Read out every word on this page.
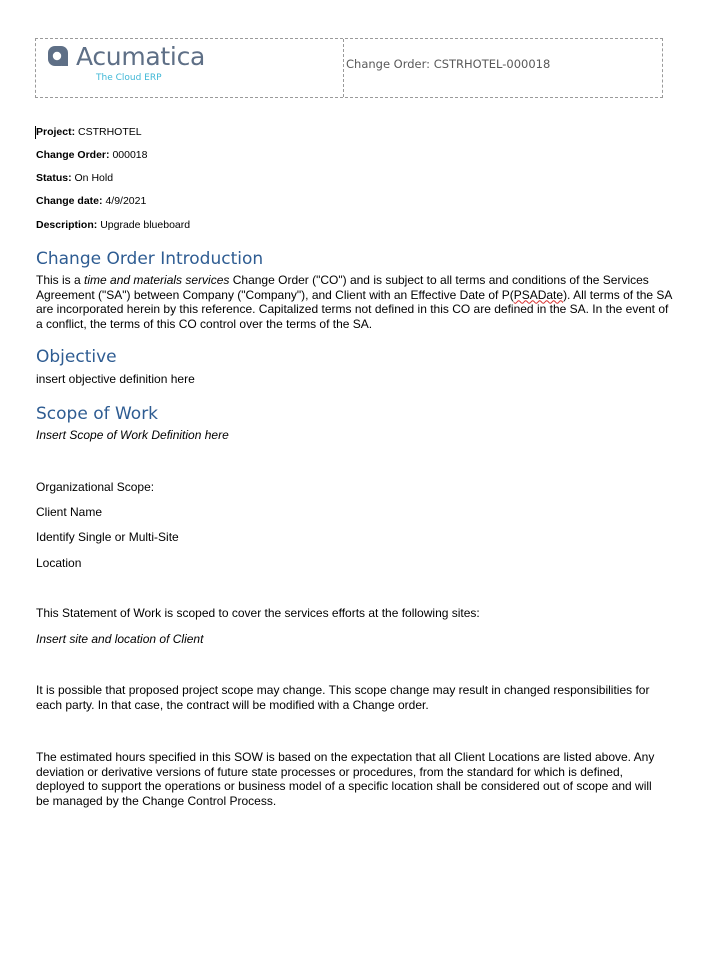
Acumatica
The Cloud ERP
Change Order: CSTRHOTEL-000018
Project: CSTRHOTEL
Change Order: 000018
Status: On Hold
Change date: 4/9/2021
Description: Upgrade blueboard
Change Order Introduction
This is a time and materials services Change Order ("CO") and is subject to all terms and conditions of the Services Agreement ("SA") between Company ("Company"), and Client with an Effective Date of P(PSADate). All terms of the SA are incorporated herein by this reference. Capitalized terms not defined in this CO are defined in the SA. In the event of a conflict, the terms of this CO control over the terms of the SA.
Objective
insert objective definition here
Scope of Work
Insert Scope of Work Definition here
Organizational Scope:
Client Name
Identify Single or Multi-Site
Location
This Statement of Work is scoped to cover the services efforts at the following sites:
Insert site and location of Client
It is possible that proposed project scope may change. This scope change may result in changed responsibilities for each party. In that case, the contract will be modified with a Change order.
The estimated hours specified in this SOW is based on the expectation that all Client Locations are listed above. Any deviation or derivative versions of future state processes or procedures, from the standard for which is defined, deployed to support the operations or business model of a specific location shall be considered out of scope and will be managed by the Change Control Process.
